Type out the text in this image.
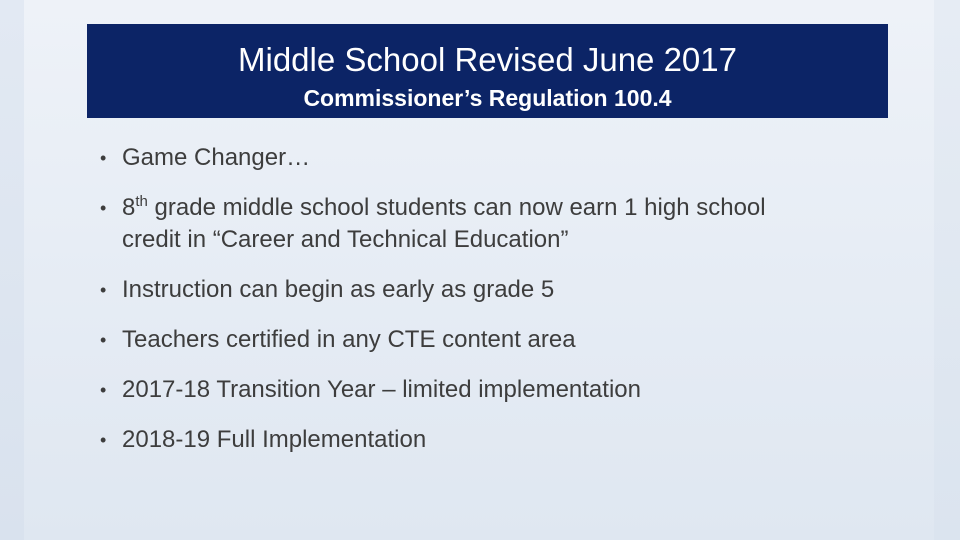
Middle School Revised June 2017
Commissioner’s Regulation 100.4
• Game Changer…
• 8th grade middle school students can now earn 1 high school
credit in “Career and Technical Education”
• Instruction can begin as early as grade 5
• Teachers certified in any CTE content area
• 2017-18 Transition Year – limited implementation
• 2018-19 Full Implementation
